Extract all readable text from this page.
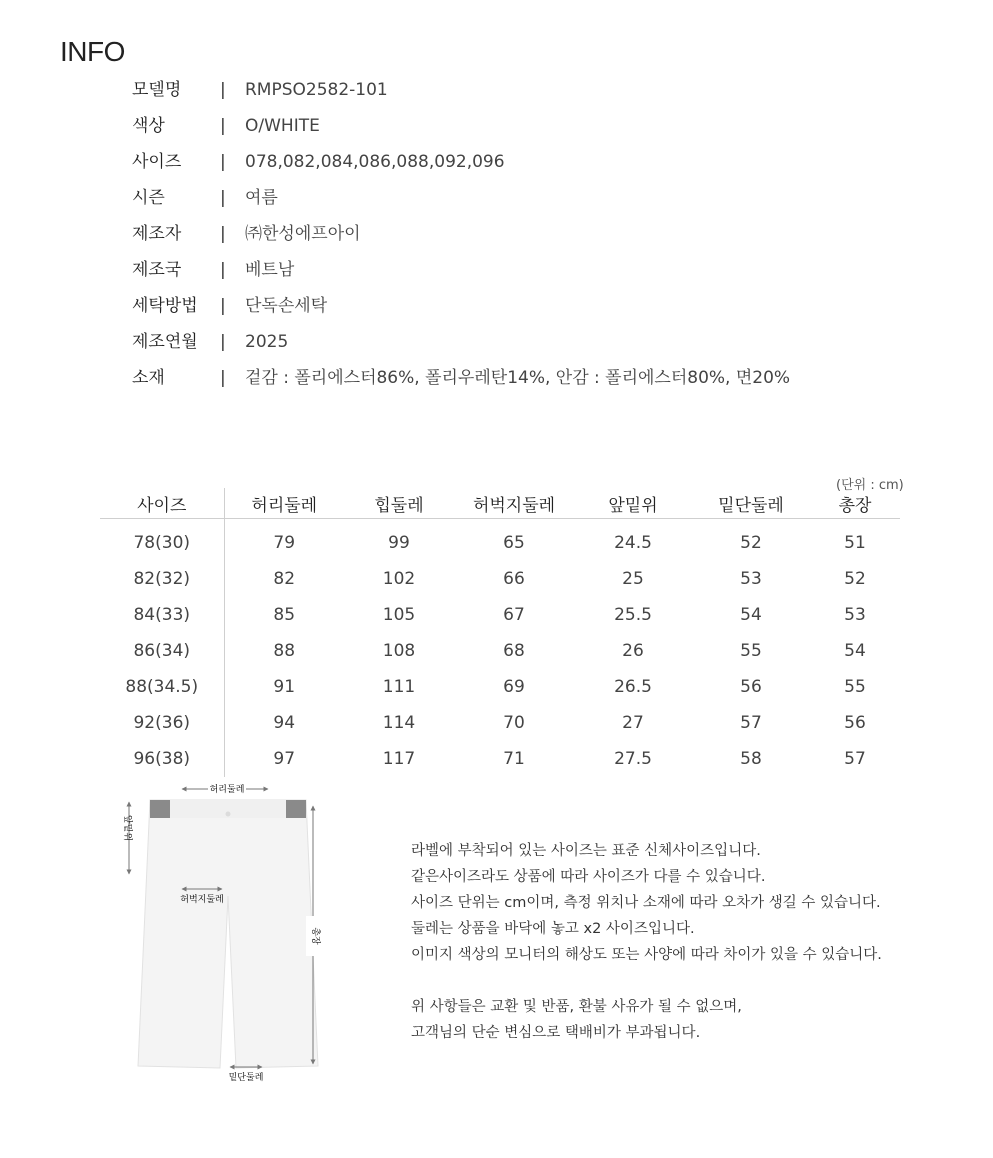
INFO
모델명 | RMPSO2582-101
색상	| O/WHITE
사이즈 | 078,082,084,086,088,092,096
시즌	| 여름
제조자 | ㈜한성에프아이
제조국 | 베트남
세탁방법 | 단독손세탁
제조연월 | 2025
소재	| 겉감 : 폴리에스터86%, 폴리우레탄14%, 안감 : 폴리에스터80%, 면20%
(단위 : cm)
사이즈	허리둘레	힙둘레	허벅지둘레	앞밑위	밑단둘레	총장
78(30)	79	99	65	24.5	52	51
82(32)	82	102	66	25	53	52
84(33)	85	105	67	25.5	54	53
86(34)	88	108	68	26	55	54
88(34.5)	91	111	69	26.5	56	55
92(36)	94	114	70	27	57	56
96(38)	97	117	71	27.5	58	57
허리둘레
앞밑위
허벅지둘레
총장
밑단둘레
라벨에 부착되어 있는 사이즈는 표준 신체사이즈입니다.
같은사이즈라도 상품에 따라 사이즈가 다를 수 있습니다.
사이즈 단위는 cm이며, 측정 위치나 소재에 따라 오차가 생길 수 있습니다.
둘레는 상품을 바닥에 놓고 x2 사이즈입니다.
이미지 색상의 모니터의 해상도 또는 사양에 따라 차이가 있을 수 있습니다.
위 사항들은 교환 및 반품, 환불 사유가 될 수 없으며,
고객님의 단순 변심으로 택배비가 부과됩니다.
